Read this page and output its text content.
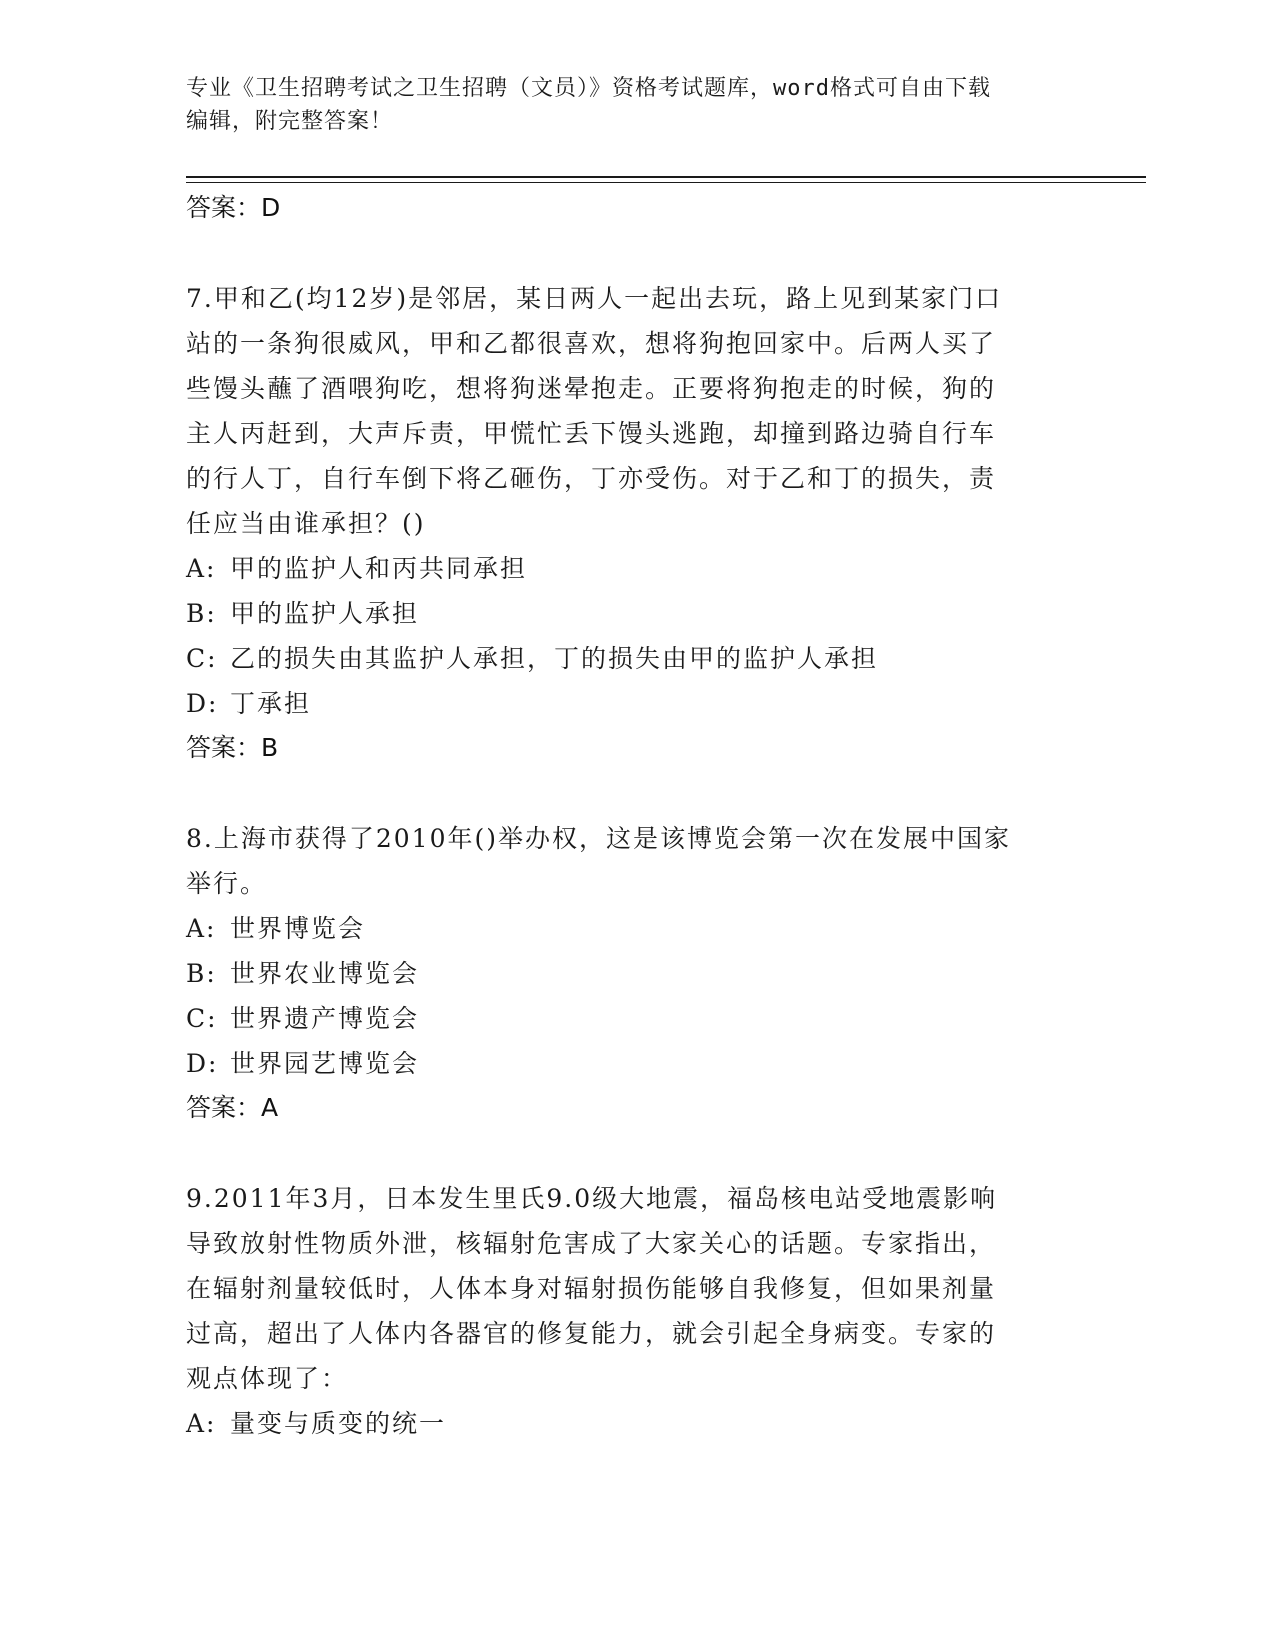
专业《卫生招聘考试之卫生招聘（文员）》资格考试题库，word格式可自由下载
编辑，附完整答案！
答案：D
7.甲和乙(均12岁)是邻居，某日两人一起出去玩，路上见到某家门口
站的一条狗很威风，甲和乙都很喜欢，想将狗抱回家中。后两人买了
些馒头蘸了酒喂狗吃，想将狗迷晕抱走。正要将狗抱走的时候，狗的
主人丙赶到，大声斥责，甲慌忙丢下馒头逃跑，却撞到路边骑自行车
的行人丁，自行车倒下将乙砸伤，丁亦受伤。对于乙和丁的损失，责
任应当由谁承担？()
A: 甲的监护人和丙共同承担
B: 甲的监护人承担
C: 乙的损失由其监护人承担，丁的损失由甲的监护人承担
D: 丁承担
答案：B
8.上海市获得了2010年()举办权，这是该博览会第一次在发展中国家
举行。
A: 世界博览会
B: 世界农业博览会
C: 世界遗产博览会
D: 世界园艺博览会
答案：A
9.2011年3月，日本发生里氏9.0级大地震，福岛核电站受地震影响
导致放射性物质外泄，核辐射危害成了大家关心的话题。专家指出，
在辐射剂量较低时，人体本身对辐射损伤能够自我修复，但如果剂量
过高，超出了人体内各器官的修复能力，就会引起全身病变。专家的
观点体现了：
A: 量变与质变的统一
